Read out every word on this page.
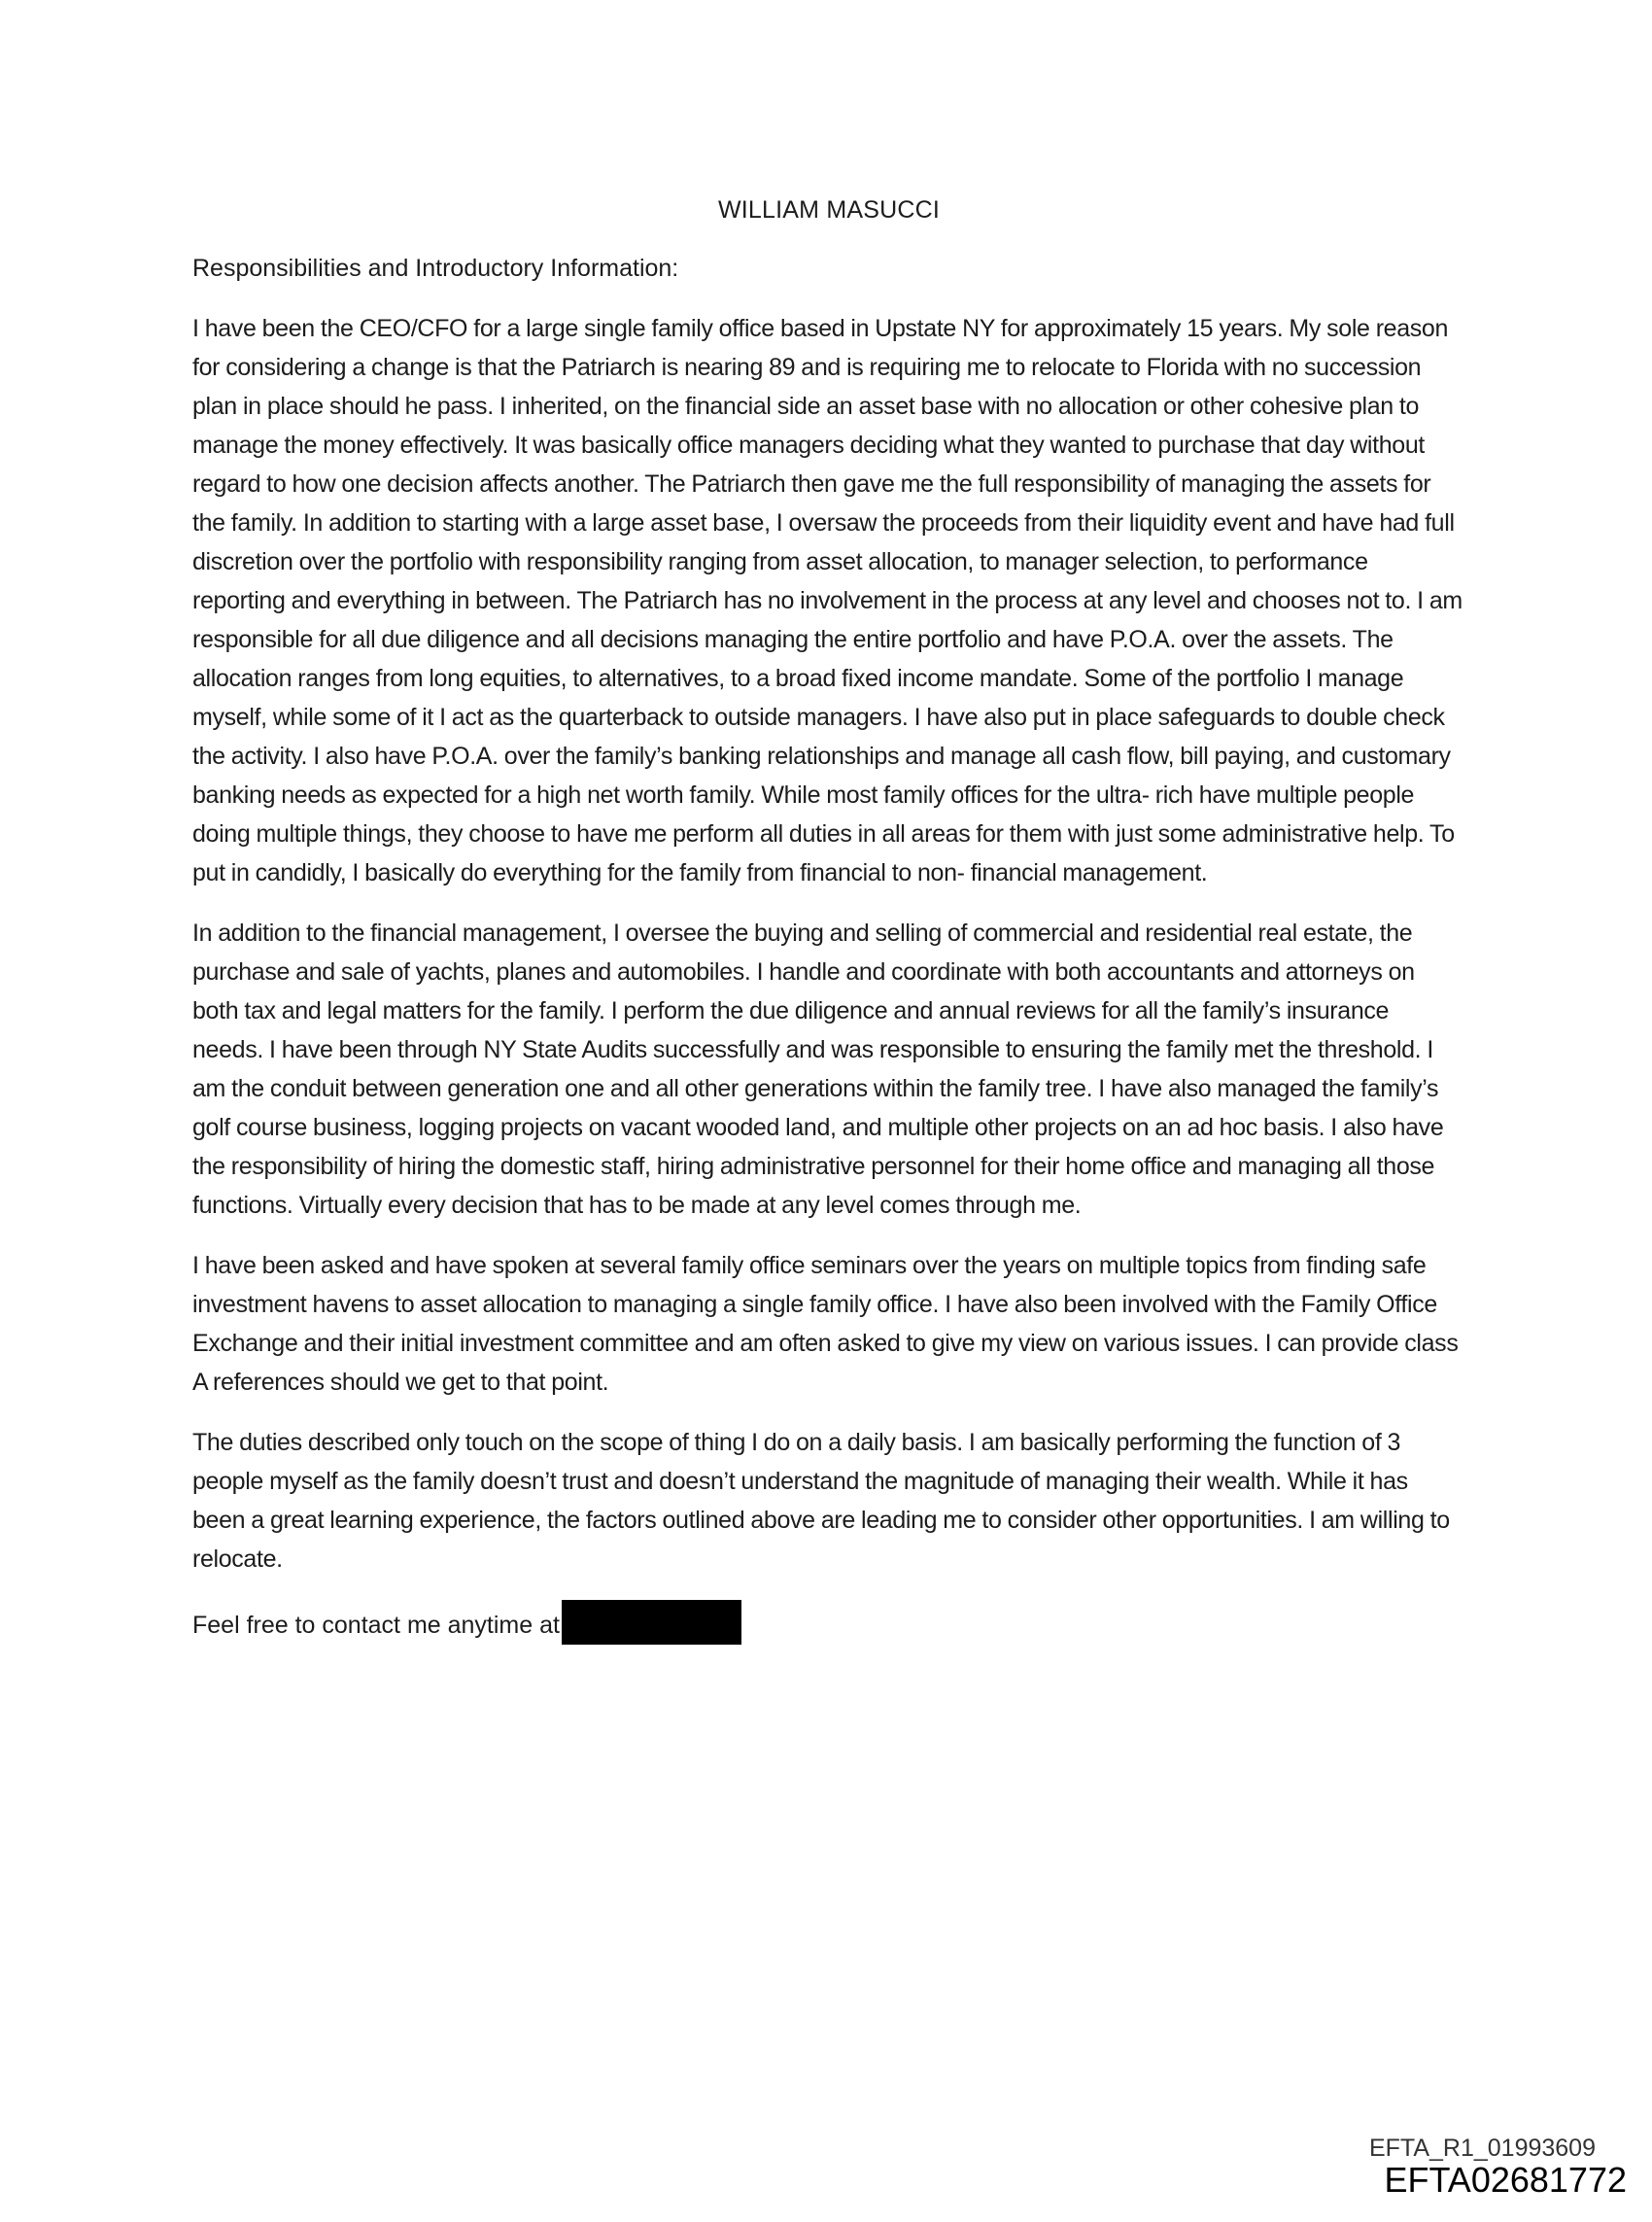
WILLIAM MASUCCI
Responsibilities and Introductory Information:

I have been the CEO/CFO for a large single family office based in Upstate NY for approximately 15 years. My sole reason for considering a change is that the Patriarch is nearing 89 and is requiring me to relocate to Florida with no succession plan in place should he pass. I inherited, on the financial side an asset base with no allocation or other cohesive plan to manage the money effectively. It was basically office managers deciding what they wanted to purchase that day without regard to how one decision affects another. The Patriarch then gave me the full responsibility of managing the assets for the family. In addition to starting with a large asset base, I oversaw the proceeds from their liquidity event and have had full discretion over the portfolio with responsibility ranging from asset allocation, to manager selection, to performance reporting and everything in between. The Patriarch has no involvement in the process at any level and chooses not to. I am responsible for all due diligence and all decisions managing the entire portfolio and have P.O.A. over the assets. The allocation ranges from long equities, to alternatives, to a broad fixed income mandate. Some of the portfolio I manage myself, while some of it I act as the quarterback to outside managers. I have also put in place safeguards to double check the activity. I also have P.O.A. over the family’s banking relationships and manage all cash flow, bill paying, and customary banking needs as expected for a high net worth family. While most family offices for the ultra- rich have multiple people doing multiple things, they choose to have me perform all duties in all areas for them with just some administrative help. To put in candidly, I basically do everything for the family from financial to non- financial management.

In addition to the financial management, I oversee the buying and selling of commercial and residential real estate, the purchase and sale of yachts, planes and automobiles. I handle and coordinate with both accountants and attorneys on both tax and legal matters for the family. I perform the due diligence and annual reviews for all the family’s insurance needs. I have been through NY State Audits successfully and was responsible to ensuring the family met the threshold. I am the conduit between generation one and all other generations within the family tree. I have also managed the family’s golf course business, logging projects on vacant wooded land, and multiple other projects on an ad hoc basis. I also have the responsibility of hiring the domestic staff, hiring administrative personnel for their home office and managing all those functions. Virtually every decision that has to be made at any level comes through me.

I have been asked and have spoken at several family office seminars over the years on multiple topics from finding safe investment havens to asset allocation to managing a single family office. I have also been involved with the Family Office Exchange and their initial investment committee and am often asked to give my view on various issues. I can provide class A references should we get to that point.

The duties described only touch on the scope of thing I do on a daily basis. I am basically performing the function of 3 people myself as the family doesn’t trust and doesn’t understand the magnitude of managing their wealth. While it has been a great learning experience, the factors outlined above are leading me to consider other opportunities. I am willing to relocate.

Feel free to contact me anytime at

EFTA_R1_01993609
EFTA02681772
